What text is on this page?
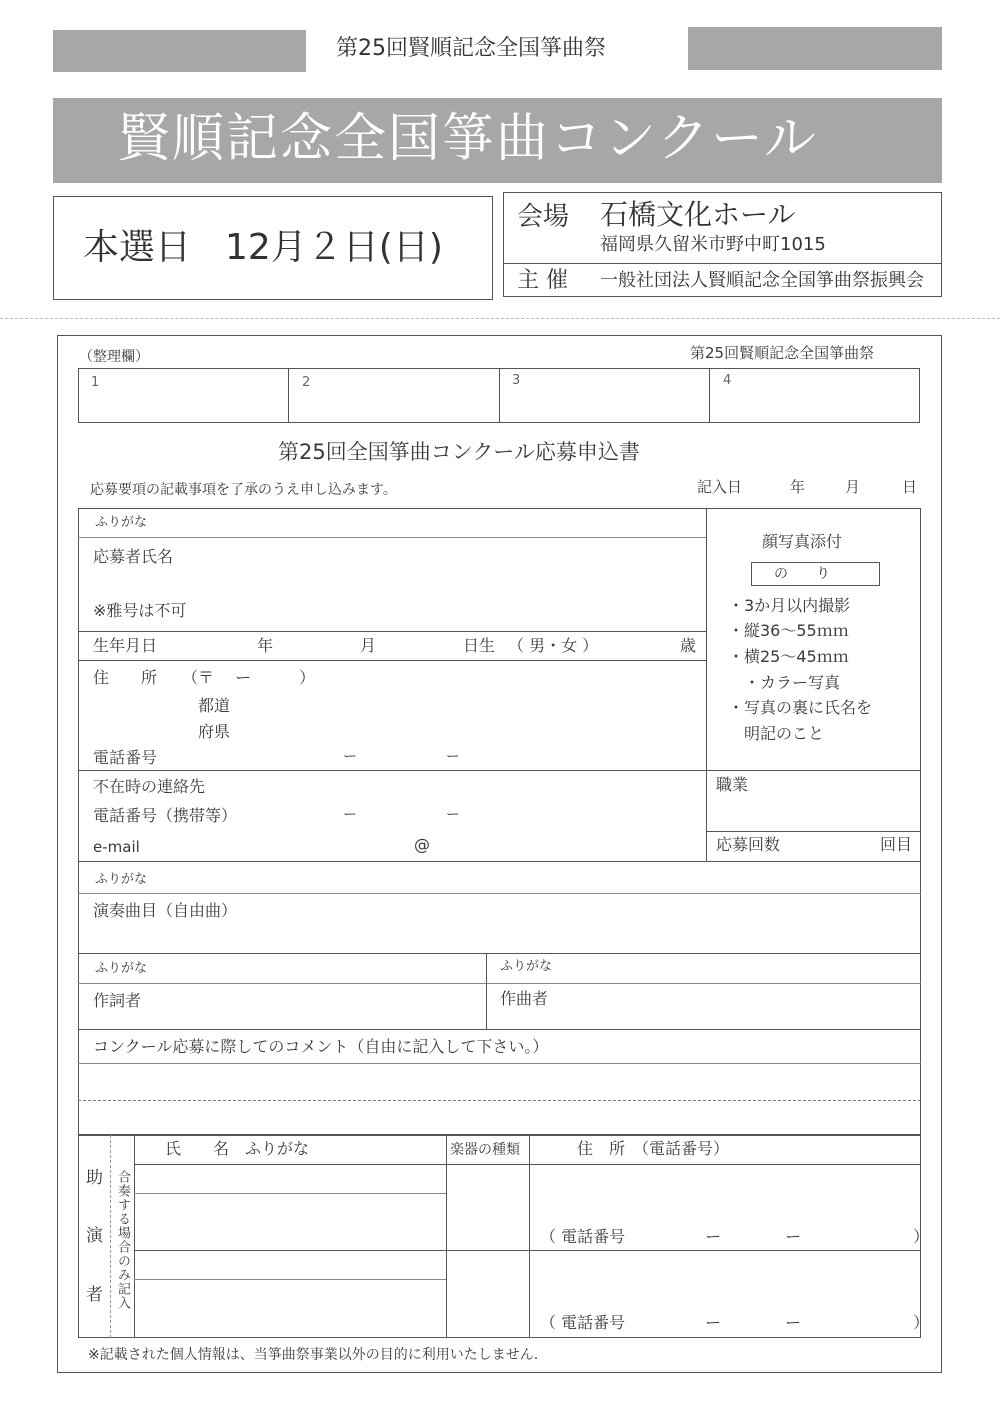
第25回賢順記念全国箏曲祭
賢順記念全国箏曲コンクール
本選日 12月２日(日)
会場 石橋文化ホール
福岡県久留米市野中町1015
主 催 一般社団法人賢順記念全国箏曲祭振興会
（整理欄）	第25回賢順記念全国箏曲祭
1	2	3	4
第25回全国箏曲コンクール応募申込書
応募要項の記載事項を了承のうえ申し込みます。	記入日	年	月	日
ふりがな
応募者氏名
※雅号は不可
生年月日	年	月	日生 （ 男・女 ）	歳
住　　所 （〒　 ー　　　）
都道
府県
電話番号	ー	ー
不在時の連絡先
電話番号（携帯等）	ー	ー
e-mail	@
顔写真添付
の　　り
・3か月以内撮影
・縦36〜55ｍｍ
・横25〜45ｍｍ
　・カラー写真
・写真の裏に氏名を
　明記のこと
職業
応募回数	回目
ふりがな
演奏曲目（自由曲）
ふりがな	ふりがな
作詞者	作曲者
コンクール応募に際してのコメント（自由に記入して下さい。）
助
演
者 合奏する場合のみ記入
氏　　名　ふりがな	楽器の種類	住　所　（電話番号）
（ 電話番号　　　　　ー　　　　ー　　　　　　　）
（ 電話番号　　　　　ー　　　　ー　　　　　　　）
※記載された個人情報は、当箏曲祭事業以外の目的に利用いたしません.
